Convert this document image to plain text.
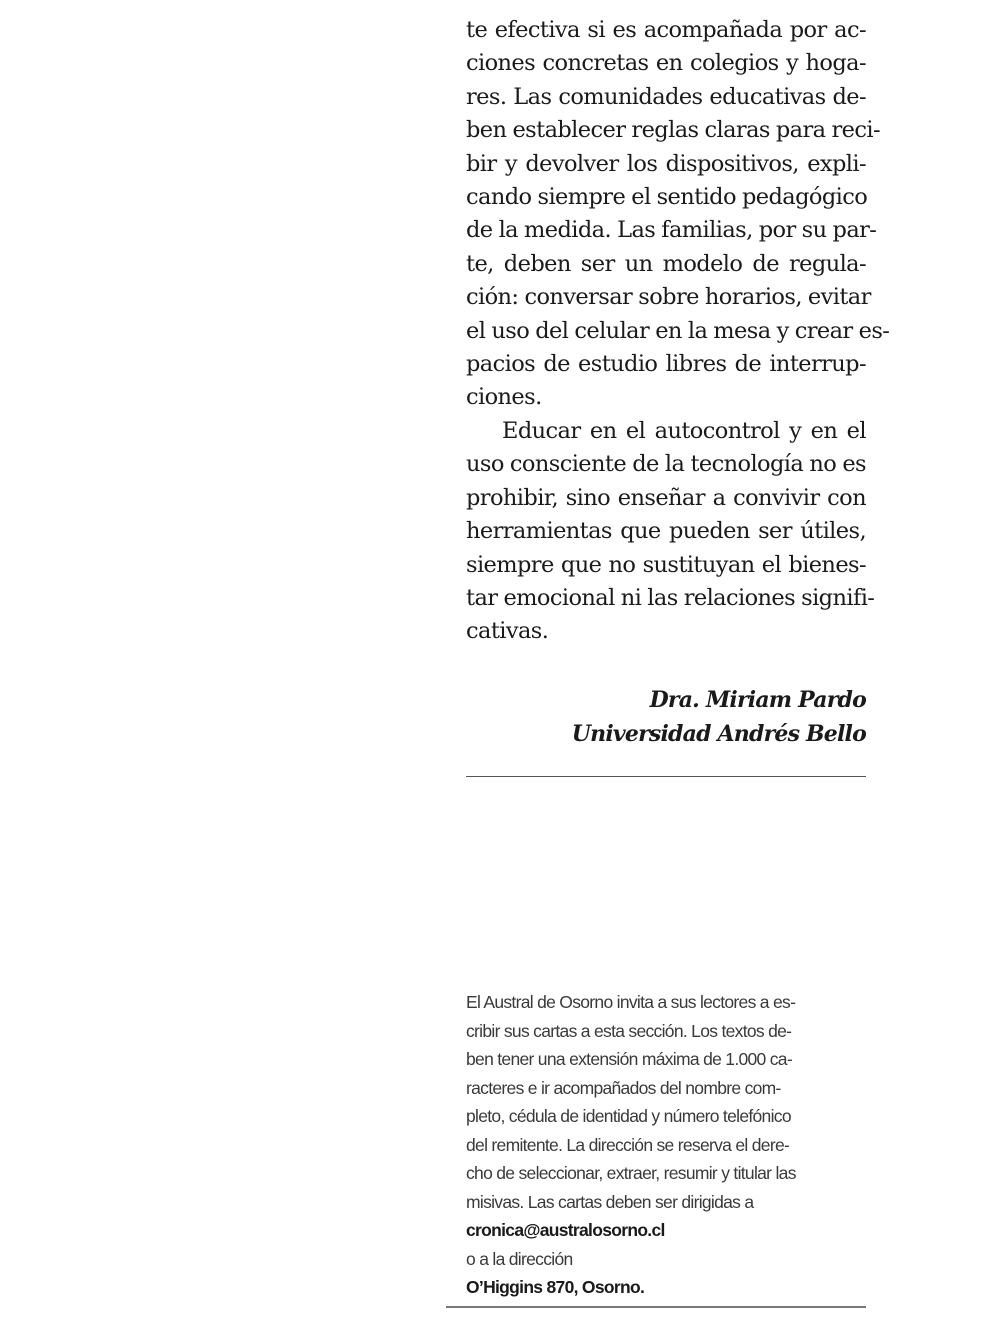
te efectiva si es acompañada por ac-
ciones concretas en colegios y hoga-
res. Las comunidades educativas de-
ben establecer reglas claras para reci-
bir y devolver los dispositivos, expli-
cando siempre el sentido pedagógico
de la medida. Las familias, por su par-
te, deben ser un modelo de regula-
ción: conversar sobre horarios, evitar
el uso del celular en la mesa y crear es-
pacios de estudio libres de interrup-
ciones.
Educar en el autocontrol y en el
uso consciente de la tecnología no es
prohibir, sino enseñar a convivir con
herramientas que pueden ser útiles,
siempre que no sustituyan el bienes-
tar emocional ni las relaciones signifi-
cativas.
Dra. Miriam Pardo
Universidad Andrés Bello
El Austral de Osorno invita a sus lectores a es-
cribir sus cartas a esta sección. Los textos de-
ben tener una extensión máxima de 1.000 ca-
racteres e ir acompañados del nombre com-
pleto, cédula de identidad y número telefónico
del remitente. La dirección se reserva el dere-
cho de seleccionar, extraer, resumir y titular las
misivas. Las cartas deben ser dirigidas a
cronica@australosorno.cl
o a la dirección
O’Higgins 870, Osorno.
